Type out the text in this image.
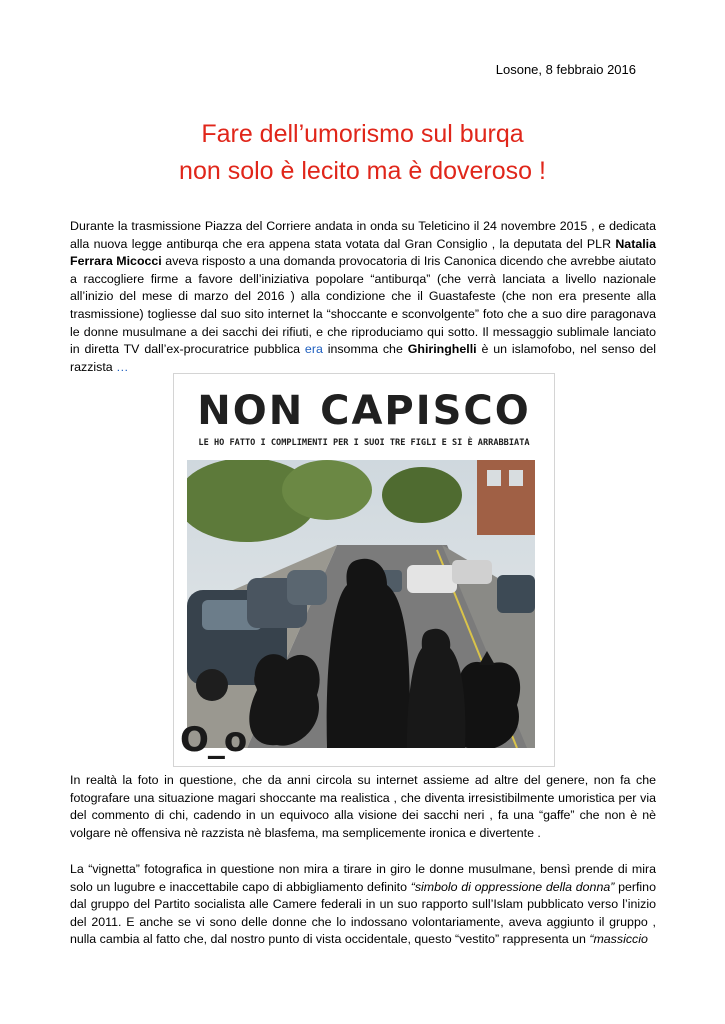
Losone, 8 febbraio 2016
Fare dell’umorismo sul burqa
non solo è lecito ma è doveroso !

Durante la trasmissione Piazza del Corriere andata in onda su Teleticino il 24 novembre 2015 , e dedicata alla nuova legge antiburqa che era appena stata votata dal Gran Consiglio , la deputata del PLR Natalia Ferrara Micocci aveva risposto a una domanda provocatoria di Iris Canonica dicendo che avrebbe aiutato a raccogliere firme a favore dell’iniziativa popolare “antiburqa” (che verrà lanciata a livello nazionale all’inizio del mese di marzo del 2016 ) alla condizione che il Guastafeste (che non era presente alla trasmissione) togliesse dal suo sito internet la “shoccante e sconvolgente” foto che a suo dire paragonava le donne musulmane a dei sacchi dei rifiuti, e che riproduciamo qui sotto. Il messaggio sublimale lanciato in diretta TV dall’ex-procuratrice pubblica era insomma che Ghiringhelli è un islamofobo, nel senso del razzista …

NON CAPISCO
LE HO FATTO I COMPLIMENTI PER I SUOI TRE FIGLI E SI È ARRABBIATA
O_o

In realtà la foto in questione, che da anni circola su internet assieme ad altre del genere, non fa che fotografare una situazione magari shoccante ma realistica , che diventa irresistibilmente umoristica per via del commento di chi, cadendo in un equivoco alla visione dei sacchi neri , fa una “gaffe” che non è nè volgare nè offensiva nè razzista nè blasfema, ma semplicemente ironica e divertente .

La “vignetta” fotografica in questione non mira a tirare in giro le donne musulmane, bensì prende di mira solo un lugubre e inaccettabile capo di abbigliamento definito “simbolo di oppressione della donna” perfino dal gruppo del Partito socialista alle Camere federali in un suo rapporto sull’Islam pubblicato verso l’inizio del 2011. E anche se vi sono delle donne che lo indossano volontariamente, aveva aggiunto il gruppo , nulla cambia al fatto che, dal nostro punto di vista occidentale, questo “vestito” rappresenta un “massiccio
